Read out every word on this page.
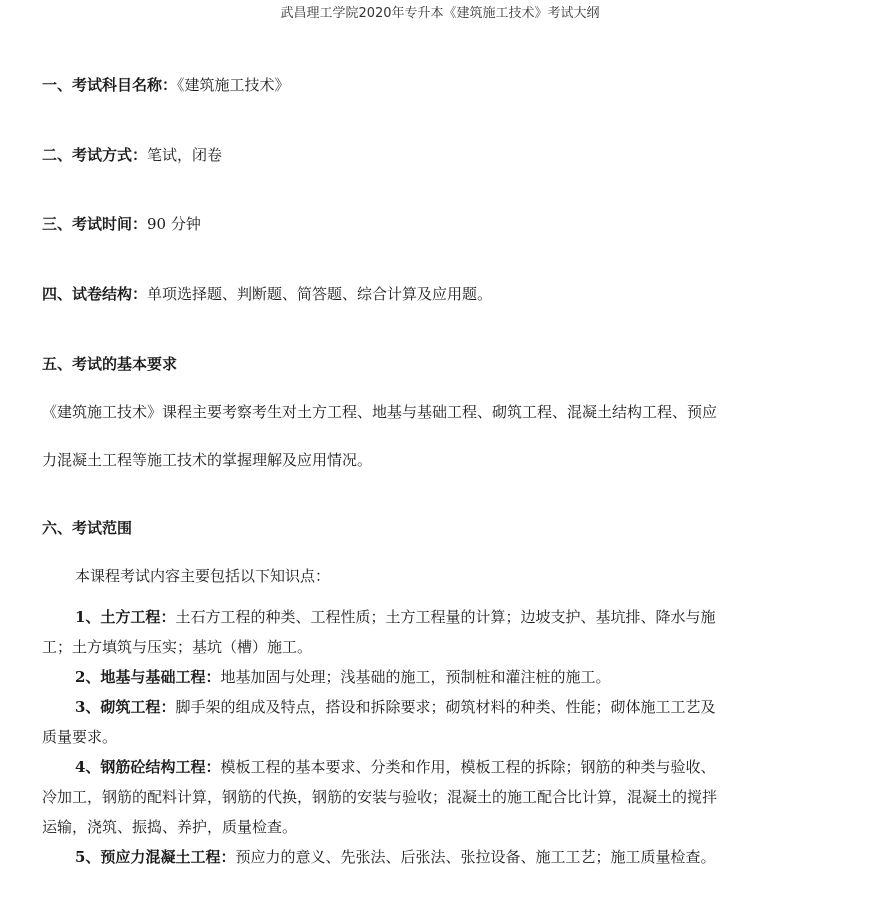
武昌理工学院2020年专升本《建筑施工技术》考试大纲
一、考试科目名称：《建筑施工技术》
二、考试方式：笔试，闭卷
三、考试时间：90 分钟
四、试卷结构：单项选择题、判断题、简答题、综合计算及应用题。
五、考试的基本要求
《建筑施工技术》课程主要考察考生对土方工程、地基与基础工程、砌筑工程、混凝土结构工程、预应
力混凝土工程等施工技术的掌握理解及应用情况。
六、考试范围
本课程考试内容主要包括以下知识点：
1、土方工程：土石方工程的种类、工程性质；土方工程量的计算；边坡支护、基坑排、降水与施
工；土方填筑与压实；基坑（槽）施工。
2、地基与基础工程：地基加固与处理；浅基础的施工，预制桩和灌注桩的施工。
3、砌筑工程：脚手架的组成及特点，搭设和拆除要求；砌筑材料的种类、性能；砌体施工工艺及
质量要求。
4、钢筋砼结构工程：模板工程的基本要求、分类和作用，模板工程的拆除；钢筋的种类与验收、
冷加工，钢筋的配料计算，钢筋的代换，钢筋的安装与验收；混凝土的施工配合比计算，混凝土的搅拌
运输，浇筑、振捣、养护，质量检查。
5、预应力混凝土工程：预应力的意义、先张法、后张法、张拉设备、施工工艺；施工质量检查。
